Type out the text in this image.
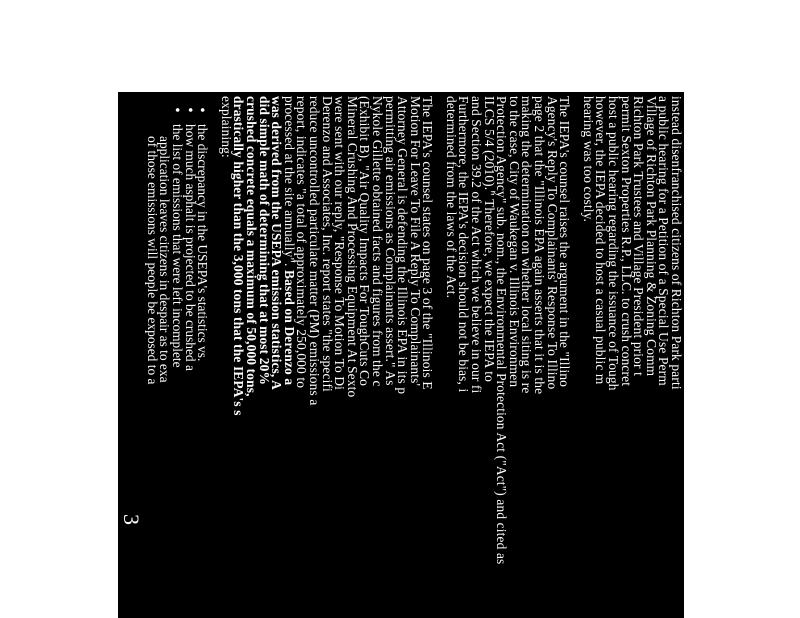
instead disenfranchised citizens of Richton Park parti
a public hearing for a Petition of a Special Use Perm
Village of Richton Park Planning & Zoning Comm
Richton Park Trustees and Village President prior t
permit Sexton Properties R.P., LLC. to crush concret
host a public hearing regarding the issuance of Tough
however, the IEPA decided to host a casual public m
hearing was too costly.
The IEPA's counsel raises the argument in the "Illino
Agency's Reply To Complainants' Response To Illino
page 2 that the "Illinois EPA again asserts that it is the
making the determination on whether local siting is re
to the case, City of Waukegan v. Illinois Environmen
Protection Agency" sub. nom., the Environmental Protection Act ("Act") and cited as
ILCS 5/4 (2010)." Therefore, we expect the IEPA to
and Section 39.2 of the Act which we believe in our fi
Furthermore, the IEPA's decision should not be bias, i
determined from the laws of the Act.
The IEPA's counsel states on page 3 of the "Illinois E
Motion For Leave To File A Reply To Complainants'
Attorney General is defending the Illinois EPA in its p
permitting air emissions as Complainants assert." As
Nykole Gillette obtained facts and figures from the c
(Exhibit B), "Air Quality Impacts For ToughCuts Co
Mineral Crushing And Processing Equipment At Sexto
were sent with our reply, "Response To Motion To Di
Derenzo and Associates, Inc. report states "the specifi
reduce uncontrolled particulate matter (PM) emissions a
report, indicates "a total of approximately 250,000 to
processed at the site annually". Based on Derenzo a
was derived from the USEPA emission statistics, A
did simple math of determining that at most 20%
crushed concrete equals a maximum of 50,000 tons,
drastically higher than the 3,000 tons that the IEPA's s
explaining:
•the discrepancy in the USEPA's statistics vs.
•how much asphalt is projected to be crushed a
•the list of emissions that were left incomplete
application leaves citizens in despair as to exa
of those emissions will people be exposed to a
3
